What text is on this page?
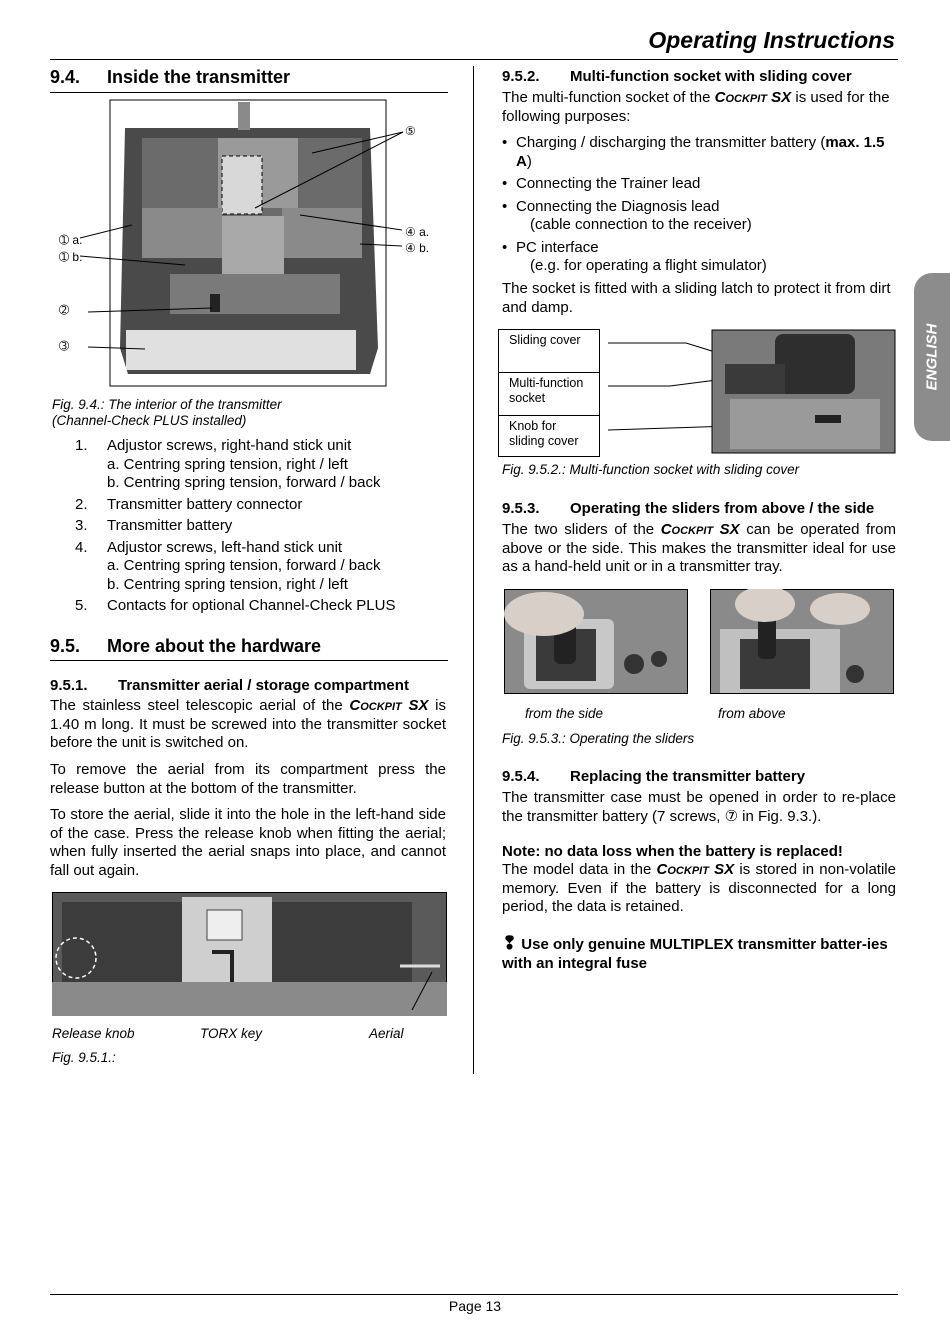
Operating Instructions
ENGLISH
9.4. Inside the transmitter
⑤
➀ a.
➀ b.
④ a.
④ b.
➁
➂
Fig. 9.4.: The interior of the transmitter
(Channel-Check PLUS installed)
1. Adjustor screws, right-hand stick unit
a. Centring spring tension, right / left
b. Centring spring tension, forward / back
2. Transmitter battery connector
3. Transmitter battery
4. Adjustor screws, left-hand stick unit
a. Centring spring tension, forward / back
b. Centring spring tension, right / left
5. Contacts for optional Channel-Check PLUS
9.5. More about the hardware
9.5.1. Transmitter aerial / storage compartment
The stainless steel telescopic aerial of the Cockpit SX is 1.40 m long. It must be screwed into the transmitter socket before the unit is switched on.
To remove the aerial from its compartment press the release button at the bottom of the transmitter.
To store the aerial, slide it into the hole in the left-hand side of the case. Press the release knob when fitting the aerial; when fully inserted the aerial snaps into place, and cannot fall out again.
Release knob	TORX key	Aerial
Fig. 9.5.1.:
9.5.2. Multi-function socket with sliding cover
The multi-function socket of the Cockpit SX is used for the following purposes:
• Charging / discharging the transmitter battery (max. 1.5 A)
• Connecting the Trainer lead
• Connecting the Diagnosis lead
(cable connection to the receiver)
• PC interface
(e.g. for operating a flight simulator)
The socket is fitted with a sliding latch to protect it from dirt and damp.
Sliding cover
Multi-function socket
Knob for sliding cover
Fig. 9.5.2.: Multi-function socket with sliding cover
9.5.3. Operating the sliders from above / the side
The two sliders of the Cockpit SX can be operated from above or the side. This makes the transmitter ideal for use as a hand-held unit or in a transmitter tray.
from the side	from above
Fig. 9.5.3.: Operating the sliders
9.5.4. Replacing the transmitter battery
The transmitter case must be opened in order to re-place the transmitter battery (7 screws, ⑦ in Fig. 9.3.).
Note: no data loss when the battery is replaced!
The model data in the Cockpit SX is stored in non-volatile memory. Even if the battery is disconnected for a long period, the data is retained.
❢ Use only genuine MULTIPLEX transmitter batter-ies with an integral fuse
Page 13
